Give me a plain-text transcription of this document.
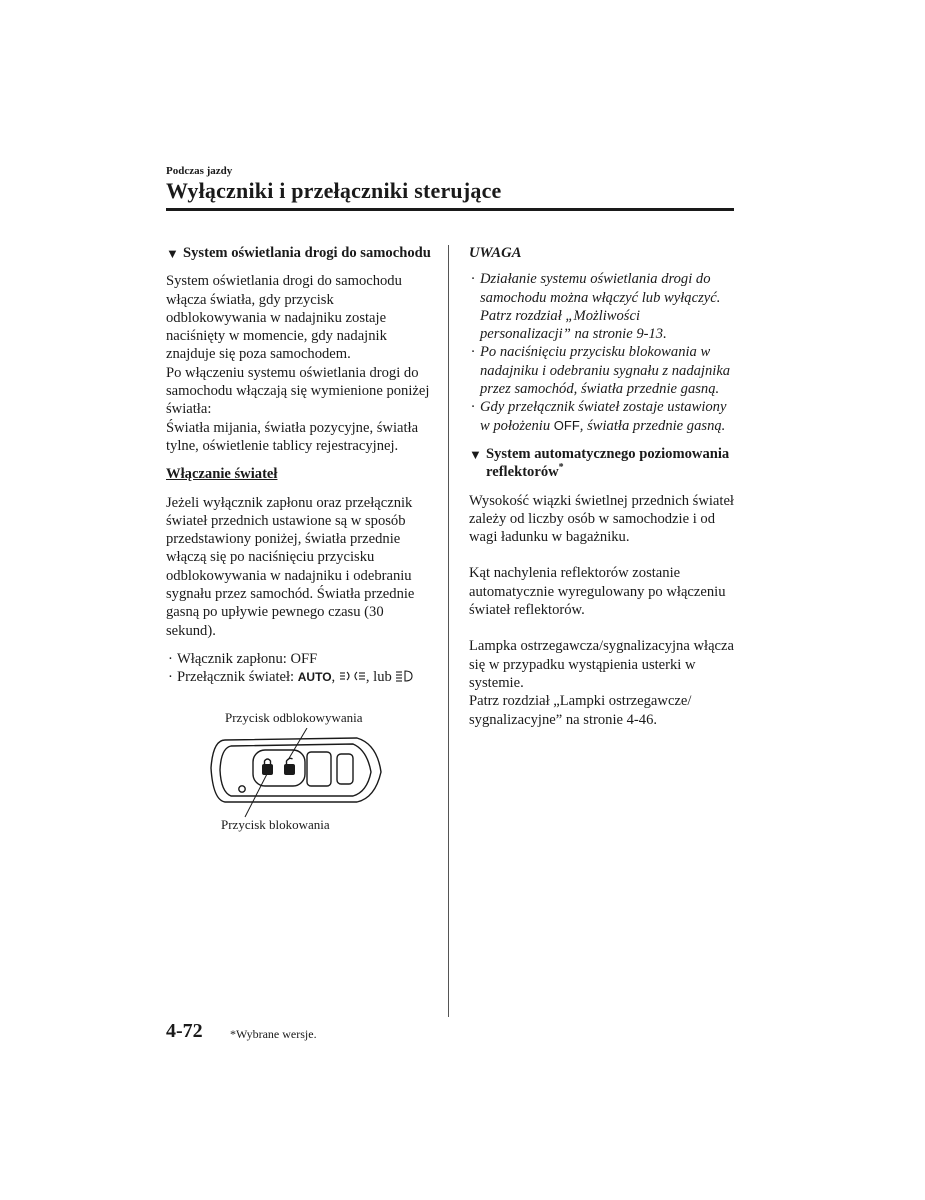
Podczas jazdy
Wyłączniki i przełączniki sterujące

▼ System oświetlania drogi do samochodu

System oświetlania drogi do samochodu włącza światła, gdy przycisk odblokowywania w nadajniku zostaje naciśnięty w momencie, gdy nadajnik znajduje się poza samochodem.

Po włączeniu systemu oświetlania drogi do samochodu włączają się wymienione poniżej światła:

Światła mijania, światła pozycyjne, światła tylne, oświetlenie tablicy rejestracyjnej.

Włączanie świateł

Jeżeli wyłącznik zapłonu oraz przełącznik świateł przednich ustawione są w sposób przedstawiony poniżej, światła przednie włączą się po naciśnięciu przycisku odblokowywania w nadajniku i odebraniu sygnału przez samochód. Światła przednie gasną po upływie pewnego czasu (30 sekund).

· Włącznik zapłonu: OFF
· Przełącznik świateł: AUTO, , lub
Przycisk odblokowywania
Przycisk blokowania

UWAGA

· Działanie systemu oświetlania drogi do samochodu można włączyć lub wyłączyć.
Patrz rozdział „Możliwości personalizacji” na stronie 9-13.
· Po naciśnięciu przycisku blokowania w nadajniku i odebraniu sygnału z nadajnika przez samochód, światła przednie gasną.
· Gdy przełącznik świateł zostaje ustawiony w położeniu OFF, światła przednie gasną.

▼ System automatycznego poziomowania reflektorów*

Wysokość wiązki świetlnej przednich świateł zależy od liczby osób w samochodzie i od wagi ładunku w bagażniku.

Kąt nachylenia reflektorów zostanie automatycznie wyregulowany po włączeniu świateł reflektorów.

Lampka ostrzegawcza/sygnalizacyjna włącza się w przypadku wystąpienia usterki w systemie.

Patrz rozdział „Lampki ostrzegawcze/ sygnalizacyjne” na stronie 4-46.

4-72 *Wybrane wersje.
